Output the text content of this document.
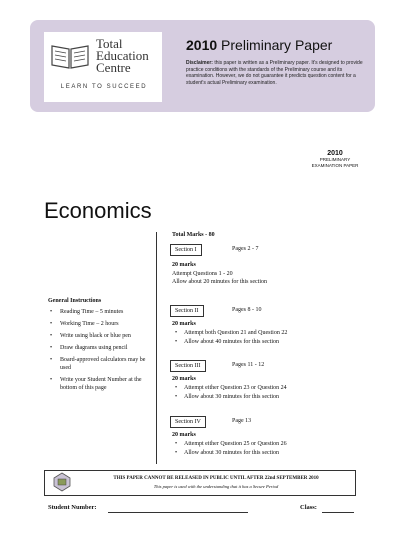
Total
Education
Centre
LEARN TO SUCCEED
2010 Preliminary Paper
Disclaimer: this paper is written as a Preliminary paper. It's designed to provide practice conditions with the standards of the Preliminary course and its examination. However, we do not guarantee it predicts question content for a student's actual Preliminary examination.
2010
PRELIMINARY
EXAMINATION PAPER
Economics
Total Marks - 80
Section I	Pages 2 - 7
20 marks
Attempt Questions 1 - 20
Allow about 20 minutes for this section
Section II	Pages 8 - 10
20 marks
• Attempt both Question 21 and Question 22
• Allow about 40 minutes for this section
Section III	Pages 11 - 12
20 marks
• Attempt either Question 23 or Question 24
• Allow about 30 minutes for this section
Section IV	Page 13
20 marks
• Attempt either Question 25 or Question 26
• Allow about 30 minutes for this section
General Instructions
• Reading Time – 5 minutes
• Working Time – 2 hours
• Write using black or blue pen
• Draw diagrams using pencil
• Board-approved calculators may be used
• Write your Student Number at the bottom of this page
THIS PAPER CANNOT BE RELEASED IN PUBLIC UNTIL AFTER 22nd SEPTEMBER 2010
This paper is used with the understanding that it has a Secure Period
Student Number:	Class:
